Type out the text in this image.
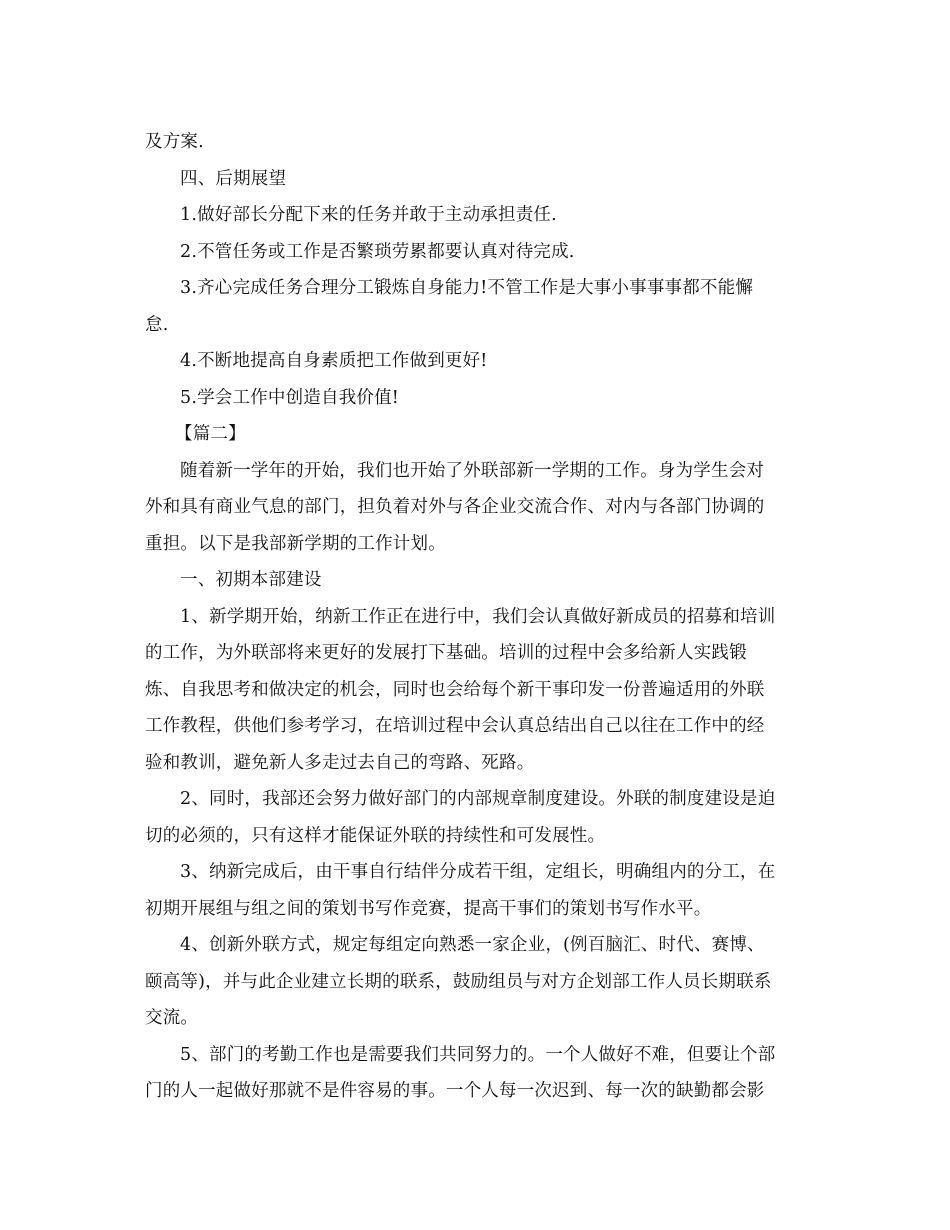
及方案.
四、后期展望
1.做好部长分配下来的任务并敢于主动承担责任.
2.不管任务或工作是否繁琐劳累都要认真对待完成.
3.齐心完成任务合理分工锻炼自身能力!不管工作是大事小事事事都不能懈
怠.
4.不断地提高自身素质把工作做到更好!
5.学会工作中创造自我价值!
【篇二】
随着新一学年的开始，我们也开始了外联部新一学期的工作。身为学生会对
外和具有商业气息的部门，担负着对外与各企业交流合作、对内与各部门协调的
重担。以下是我部新学期的工作计划。
一、初期本部建设
1、新学期开始，纳新工作正在进行中，我们会认真做好新成员的招募和培训
的工作，为外联部将来更好的发展打下基础。培训的过程中会多给新人实践锻
炼、自我思考和做决定的机会，同时也会给每个新干事印发一份普遍适用的外联
工作教程，供他们参考学习，在培训过程中会认真总结出自己以往在工作中的经
验和教训，避免新人多走过去自己的弯路、死路。
2、同时，我部还会努力做好部门的内部规章制度建设。外联的制度建设是迫
切的必须的，只有这样才能保证外联的持续性和可发展性。
3、纳新完成后，由干事自行结伴分成若干组，定组长，明确组内的分工，在
初期开展组与组之间的策划书写作竞赛，提高干事们的策划书写作水平。
4、创新外联方式，规定每组定向熟悉一家企业，(例百脑汇、时代、赛博、
颐高等)，并与此企业建立长期的联系，鼓励组员与对方企划部工作人员长期联系
交流。
5、部门的考勤工作也是需要我们共同努力的。一个人做好不难，但要让个部
门的人一起做好那就不是件容易的事。一个人每一次迟到、每一次的缺勤都会影
